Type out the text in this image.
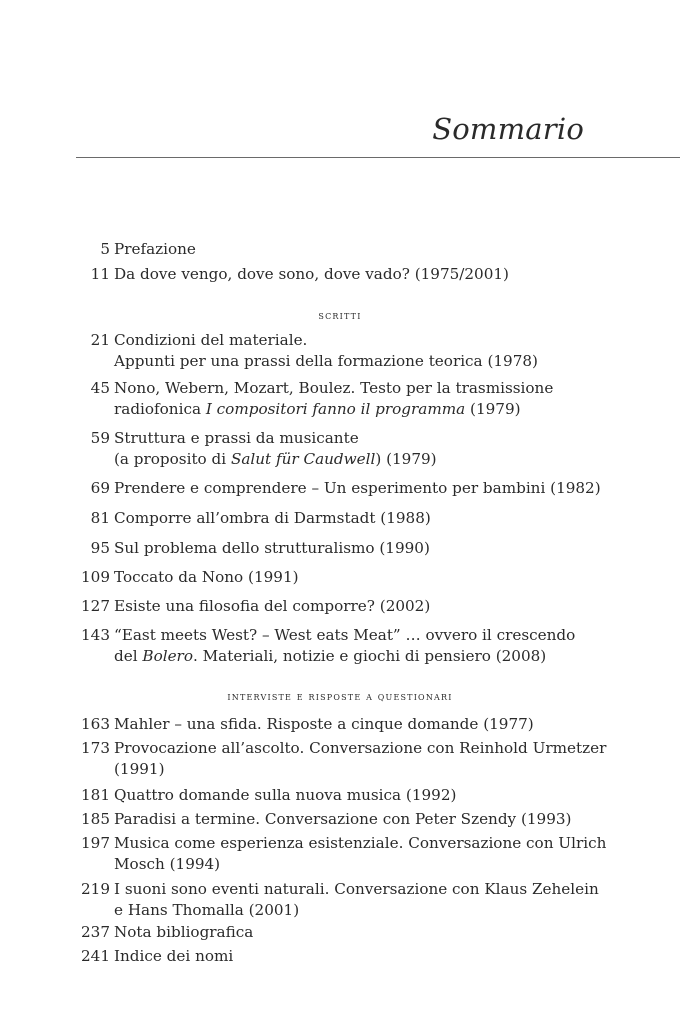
Sommario
5 Prefazione
11 Da dove vengo, dove sono, dove vado? (1975/2001)
scritti
21 Condizioni del materiale.
Appunti per una prassi della formazione teorica (1978)
45 Nono, Webern, Mozart, Boulez. Testo per la trasmissione
radiofonica I compositori fanno il programma (1979)
59 Struttura e prassi da musicante
(a proposito di Salut für Caudwell) (1979)
69 Prendere e comprendere – Un esperimento per bambini (1982)
81 Comporre all’ombra di Darmstadt (1988)
95 Sul problema dello strutturalismo (1990)
109 Toccato da Nono (1991)
127 Esiste una filosofia del comporre? (2002)
143 “East meets West? – West eats Meat” … ovvero il crescendo
del Bolero. Materiali, notizie e giochi di pensiero (2008)
interviste e risposte a questionari
163 Mahler – una sfida. Risposte a cinque domande (1977)
173 Provocazione all’ascolto. Conversazione con Reinhold Urmetzer
(1991)
181 Quattro domande sulla nuova musica (1992)
185 Paradisi a termine. Conversazione con Peter Szendy (1993)
197 Musica come esperienza esistenziale. Conversazione con Ulrich
Mosch (1994)
219 I suoni sono eventi naturali. Conversazione con Klaus Zehelein
e Hans Thomalla (2001)
237 Nota bibliografica
241 Indice dei nomi
